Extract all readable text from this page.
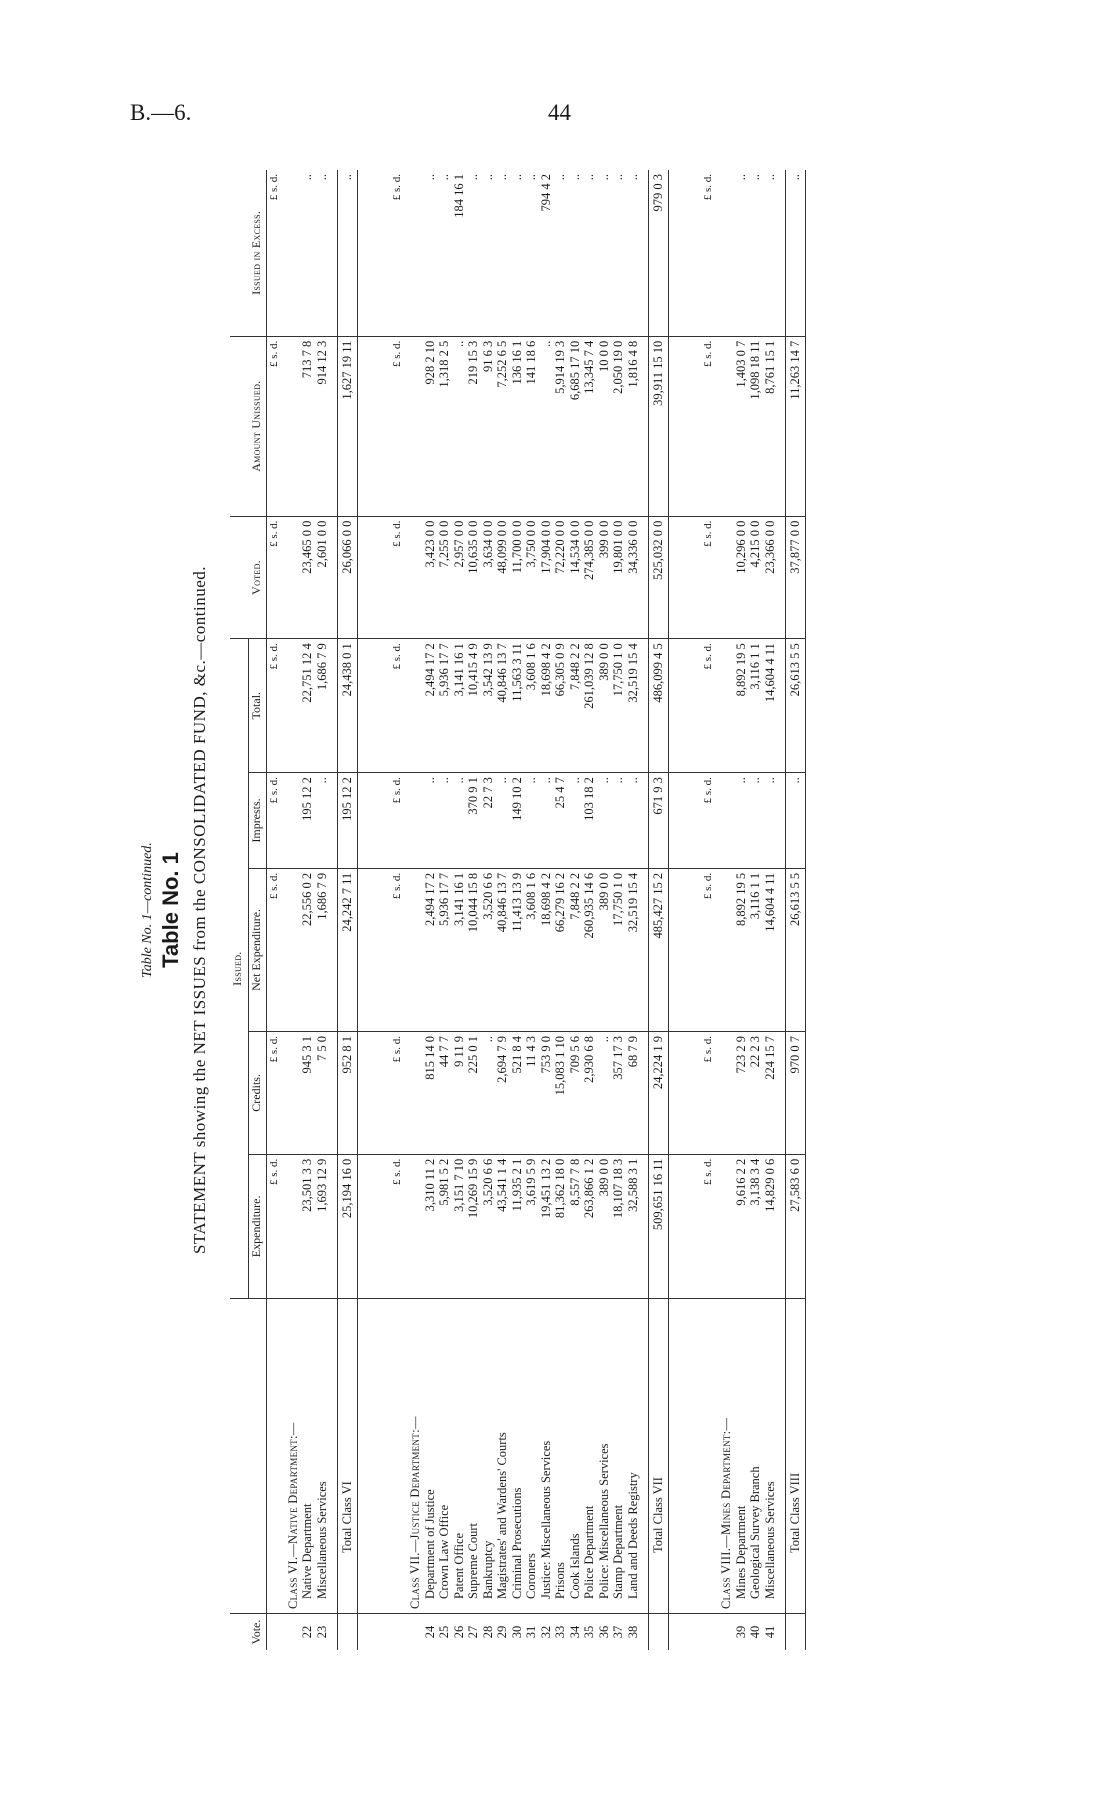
B.—6.	44
Table No. 1—continued. Table No. 1 STATEMENT showing the NET ISSUES from the CONSOLIDATED FUND, &c.—continued.
Vote.		Issued.					Voted.	Amount Unissued.	Issued in Excess.
		Expenditure.	Credits.	Net Expenditure.	Imprests.	Total.			
		£ s. d.	£ s. d.	£ s. d.	£ s. d.	£ s. d.	£ s. d.	£ s. d.	£ s. d.
	Class VI.—Native Department:—								
22	Native Department	23,501 3 3	945 3 1	22,556 0 2	195 12 2	22,751 12 4	23,465 0 0	713 7 8	..
23	Miscellaneous Services	1,693 12 9	7 5 0	1,686 7 9	..	1,686 7 9	2,601 0 0	914 12 3	..

	Total Class VI	25,194 16 0	952 8 1	24,242 7 11	195 12 2	24,438 0 1	26,066 0 0	1,627 19 11	..

		£ s. d.	£ s. d.	£ s. d.	£ s. d.	£ s. d.	£ s. d.	£ s. d.	£ s. d.
	Class VII.—Justice Department:—								
24	Department of Justice	3,310 11 2	815 14 0	2,494 17 2	..	2,494 17 2	3,423 0 0	928 2 10	..
25	Crown Law Office	5,981 5 2	44 7 7	5,936 17 7	..	5,936 17 7	7,255 0 0	1,318 2 5	..
26	Patent Office	3,151 7 10	9 11 9	3,141 16 1	..	3,141 16 1	2,957 0 0	..	184 16 1
27	Supreme Court	10,269 15 9	225 0 1	10,044 15 8	370 9 1	10,415 4 9	10,635 0 0	219 15 3	..
28	Bankruptcy	3,520 6 6	..	3,520 6 6	22 7 3	3,542 13 9	3,634 0 0	91 6 3	..
29	Magistrates' and Wardens' Courts	43,541 1 4	2,694 7 9	40,846 13 7	..	40,846 13 7	48,099 0 0	7,252 6 5	..
30	Criminal Prosecutions	11,935 2 1	521 8 4	11,413 13 9	149 10 2	11,563 3 11	11,700 0 0	136 16 1	..
31	Coroners	3,619 5 9	11 4 3	3,608 1 6	..	3,608 1 6	3,750 0 0	141 18 6	..
32	Justice: Miscellaneous Services	19,451 13 2	753 9 0	18,698 4 2	..	18,698 4 2	17,904 0 0	..	794 4 2
33	Prisons	81,362 18 0	15,083 1 10	66,279 16 2	25 4 7	66,305 0 9	72,220 0 0	5,914 19 3	..
34	Cook Islands	8,557 7 8	709 5 6	7,848 2 2	..	7,848 2 2	14,534 0 0	6,685 17 10	..
35	Police Department	263,866 1 2	2,930 6 8	260,935 14 6	103 18 2	261,039 12 8	274,385 0 0	13,345 7 4	..
36	Police: Miscellaneous Services	389 0 0	..	389 0 0	..	389 0 0	399 0 0	10 0 0	..
37	Stamp Department	18,107 18 3	357 17 3	17,750 1 0	..	17,750 1 0	19,801 0 0	2,050 19 0	..
38	Land and Deeds Registry	32,588 3 1	68 7 9	32,519 15 4	..	32,519 15 4	34,336 0 0	1,816 4 8	..

	Total Class VII	509,651 16 11	24,224 1 9	485,427 15 2	671 9 3	486,099 4 5	525,032 0 0	39,911 15 10	979 0 3

		£ s. d.	£ s. d.	£ s. d.	£ s. d.	£ s. d.	£ s. d.	£ s. d.	£ s. d.
	Class VIII.—Mines Department:—								
39	Mines Department	9,616 2 2	723 2 9	8,892 19 5	..	8,892 19 5	10,296 0 0	1,403 0 7	..
40	Geological Survey Branch	3,138 3 4	22 2 3	3,116 1 1	..	3,116 1 1	4,215 0 0	1,098 18 11	..
41	Miscellaneous Services	14,829 0 6	224 15 7	14,604 4 11	..	14,604 4 11	23,366 0 0	8,761 15 1	..

	Total Class VIII	27,583 6 0	970 0 7	26,613 5 5	..	26,613 5 5	37,877 0 0	11,263 14 7	..
